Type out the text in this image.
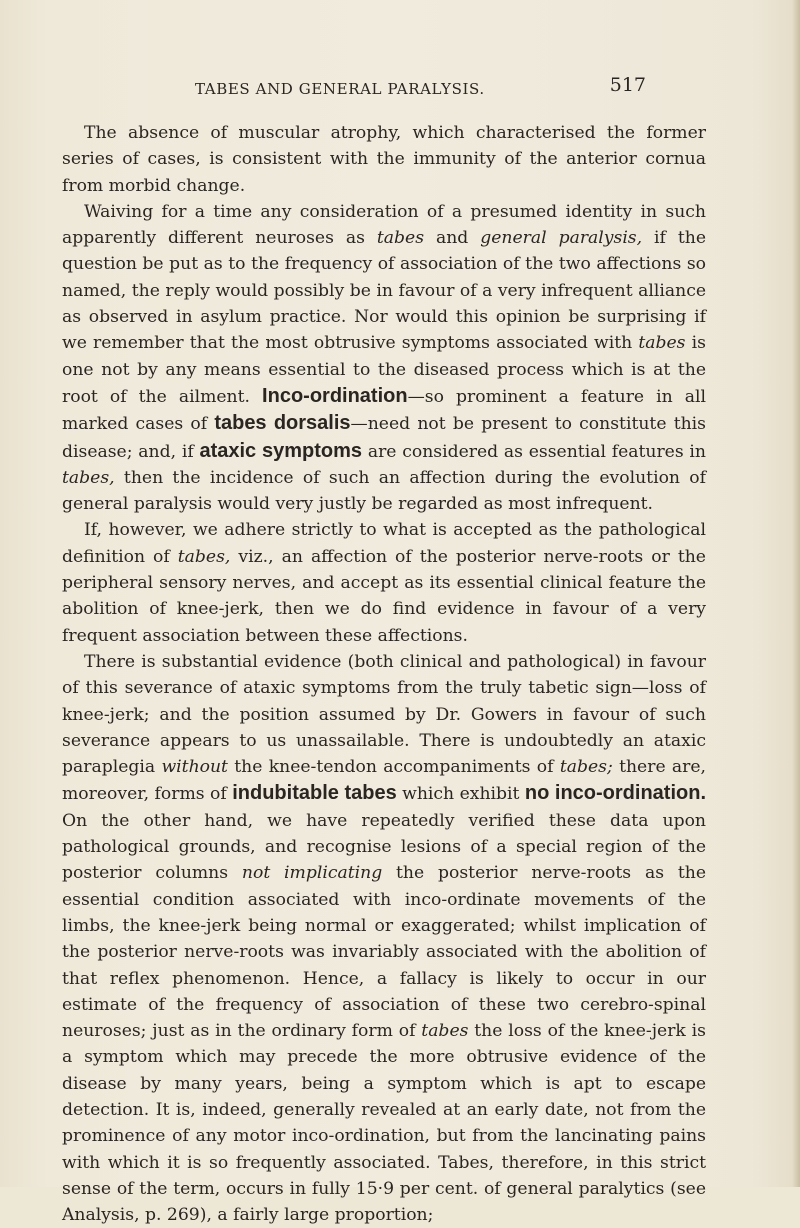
TABES AND GENERAL PARALYSIS.	517

The absence of muscular atrophy, which characterised the former series of cases, is consistent with the immunity of the anterior cornua from morbid change.

Waiving for a time any consideration of a presumed identity in such apparently different neuroses as tabes and general paralysis, if the question be put as to the frequency of association of the two affections so named, the reply would possibly be in favour of a very infrequent alliance as observed in asylum practice. Nor would this opinion be surprising if we remember that the most obtrusive symptoms associated with tabes is one not by any means essential to the diseased process which is at the root of the ailment. Inco-ordination—so prominent a feature in all marked cases of tabes dorsalis—need not be present to constitute this disease; and, if ataxic symptoms are considered as essential features in tabes, then the incidence of such an affection during the evolution of general paralysis would very justly be regarded as most infrequent.

If, however, we adhere strictly to what is accepted as the pathological definition of tabes, viz., an affection of the posterior nerve-roots or the peripheral sensory nerves, and accept as its essential clinical feature the abolition of knee-jerk, then we do find evidence in favour of a very frequent association between these affections.

There is substantial evidence (both clinical and pathological) in favour of this severance of ataxic symptoms from the truly tabetic sign—loss of knee-jerk; and the position assumed by Dr. Gowers in favour of such severance appears to us unassailable. There is undoubtedly an ataxic paraplegia without the knee-tendon accompaniments of tabes; there are, moreover, forms of indubitable tabes which exhibit no inco-ordination. On the other hand, we have repeatedly verified these data upon pathological grounds, and recognise lesions of a special region of the posterior columns not implicating the posterior nerve-roots as the essential condition associated with inco-ordinate movements of the limbs, the knee-jerk being normal or exaggerated; whilst implication of the posterior nerve-roots was invariably associated with the abolition of that reflex phenomenon. Hence, a fallacy is likely to occur in our estimate of the frequency of association of these two cerebro-spinal neuroses; just as in the ordinary form of tabes the loss of the knee-jerk is a symptom which may precede the more obtrusive evidence of the disease by many years, being a symptom which is apt to escape detection. It is, indeed, generally revealed at an early date, not from the prominence of any motor inco-ordination, but from the lancinating pains with which it is so frequently associated. Tabes, therefore, in this strict sense of the term, occurs in fully 15·9 per cent. of general paralytics (see Analysis, p. 269), a fairly large proportion;
